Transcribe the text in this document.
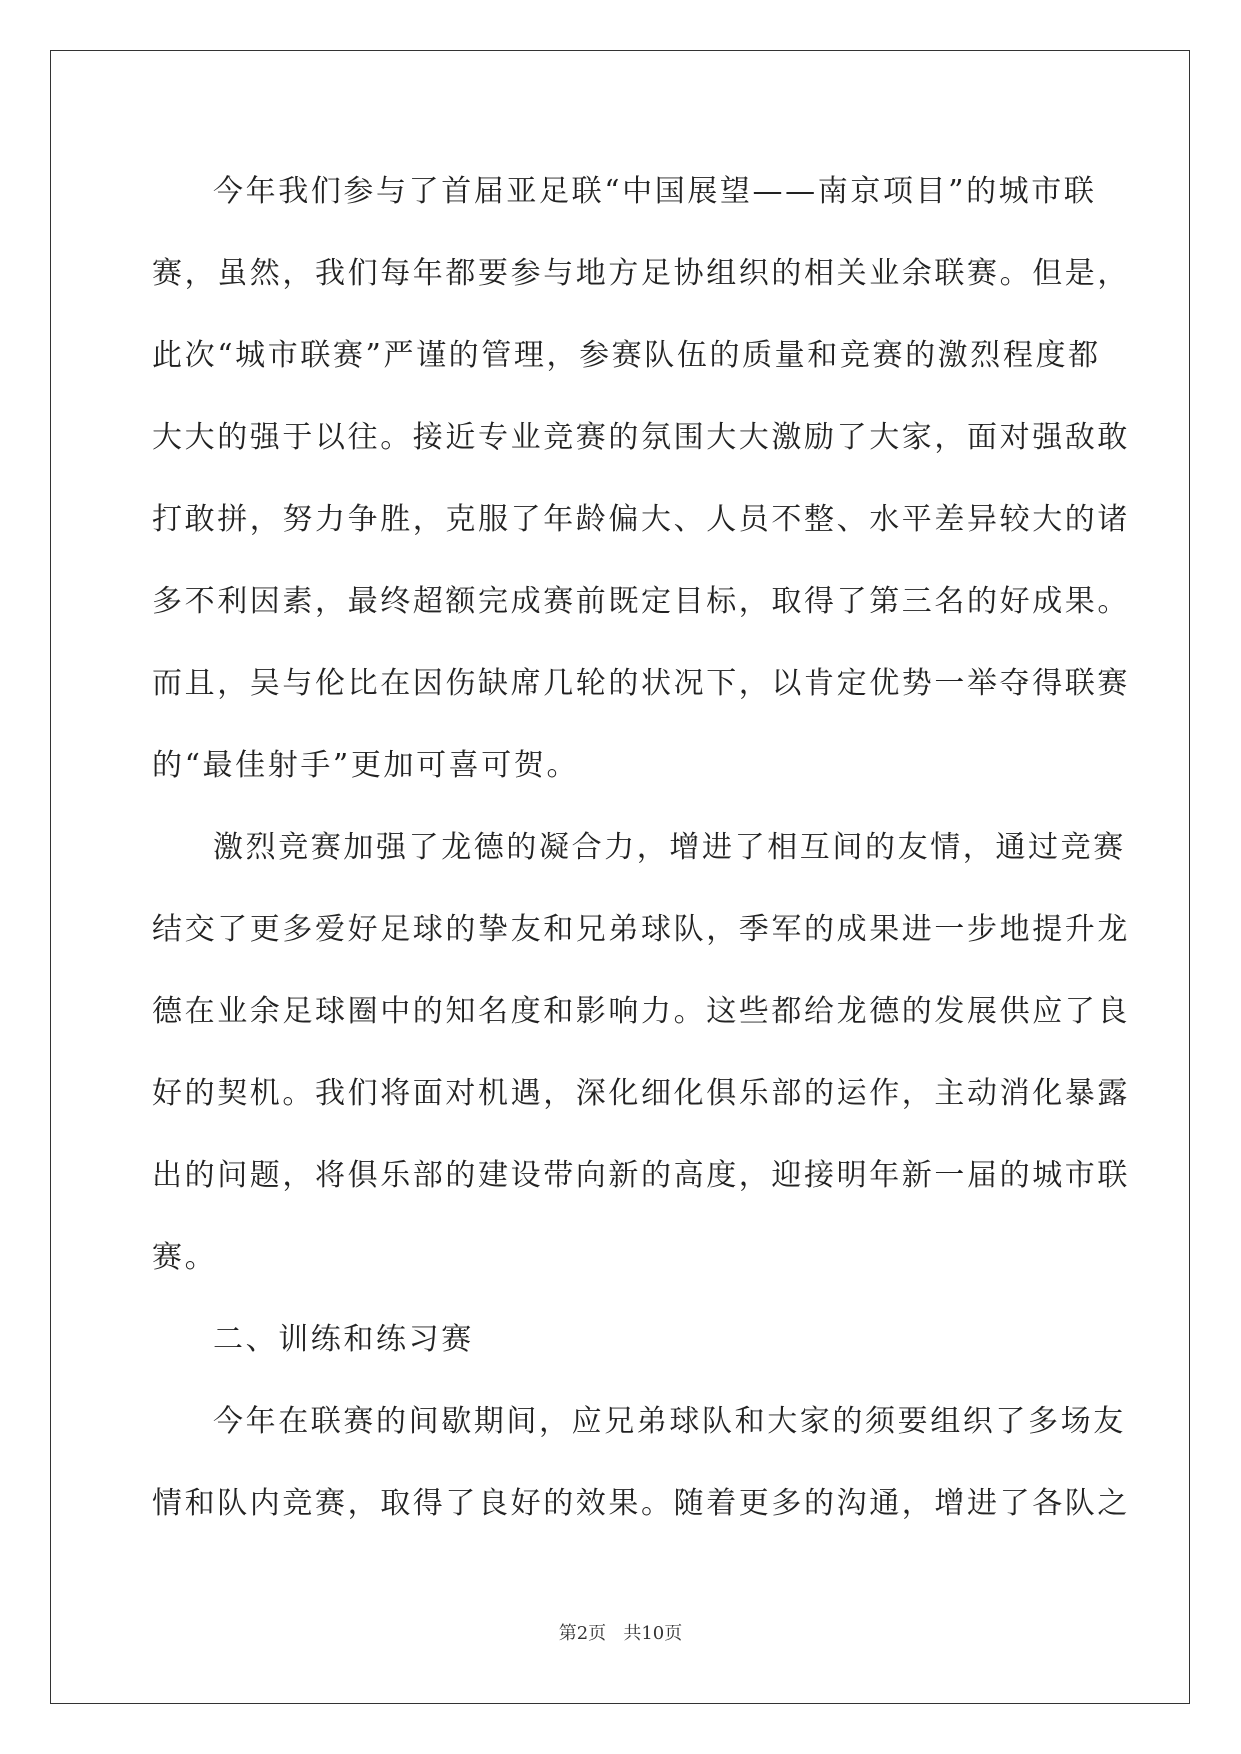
今年我们参与了首届亚足联“中国展望——南京项目”的城市联
赛，虽然，我们每年都要参与地方足协组织的相关业余联赛。但是，
此次“城市联赛”严谨的管理，参赛队伍的质量和竞赛的激烈程度都
大大的强于以往。接近专业竞赛的氛围大大激励了大家，面对强敌敢
打敢拼，努力争胜，克服了年龄偏大、人员不整、水平差异较大的诸
多不利因素，最终超额完成赛前既定目标，取得了第三名的好成果。
而且，吴与伦比在因伤缺席几轮的状况下，以肯定优势一举夺得联赛
的“最佳射手”更加可喜可贺。
激烈竞赛加强了龙德的凝合力，增进了相互间的友情，通过竞赛
结交了更多爱好足球的挚友和兄弟球队，季军的成果进一步地提升龙
德在业余足球圈中的知名度和影响力。这些都给龙德的发展供应了良
好的契机。我们将面对机遇，深化细化俱乐部的运作，主动消化暴露
出的问题，将俱乐部的建设带向新的高度，迎接明年新一届的城市联
赛。
二、训练和练习赛
今年在联赛的间歇期间，应兄弟球队和大家的须要组织了多场友
情和队内竞赛，取得了良好的效果。随着更多的沟通，增进了各队之
第2页 共10页
